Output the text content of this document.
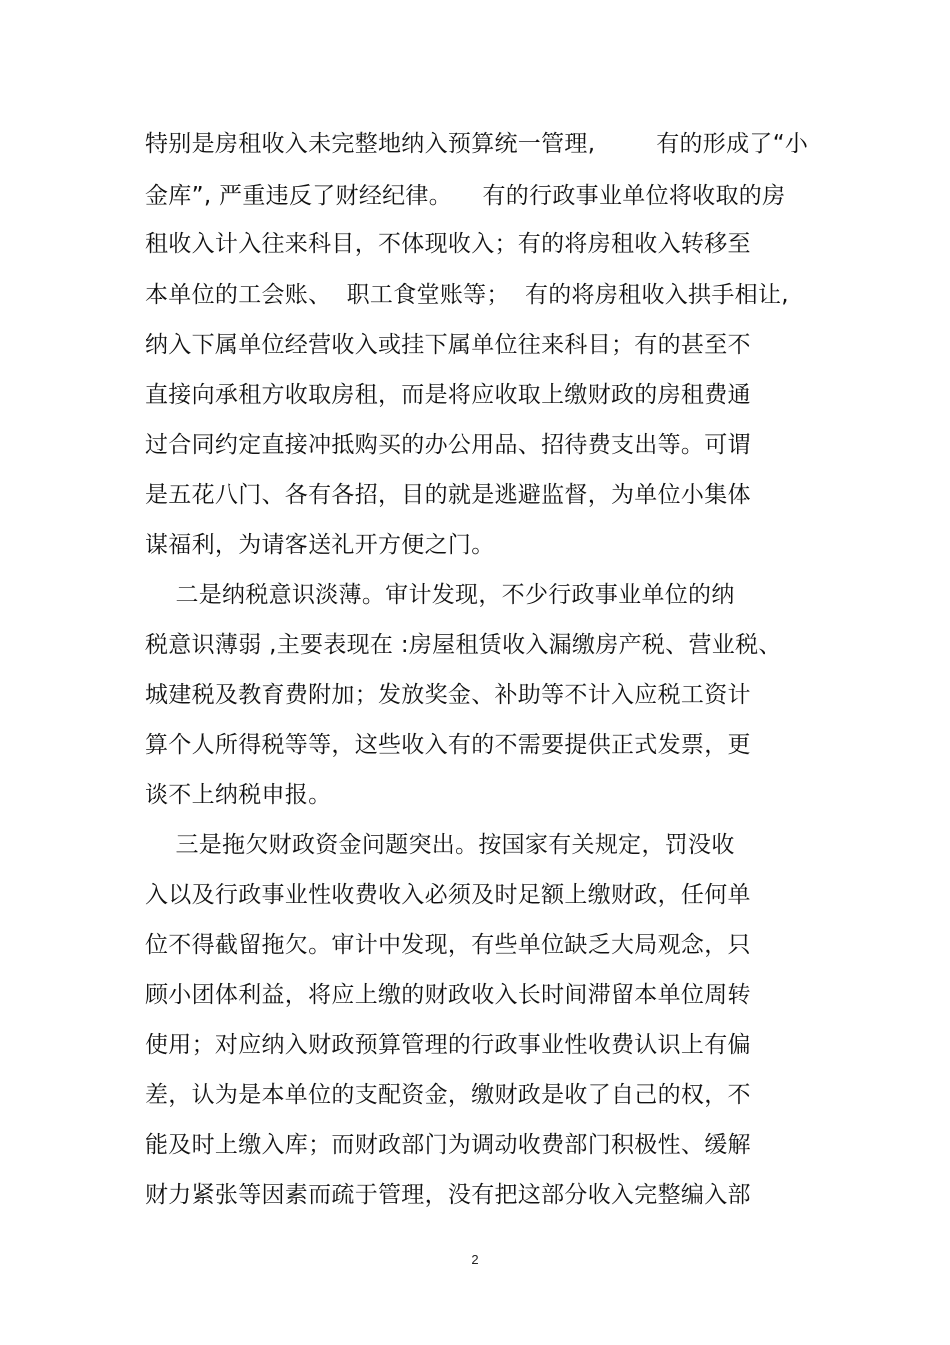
特别是房租收入未完整地纳入预算统一管理,        有的形成了“小
金库”, 严重违反了财经纪律。    有的行政事业单位将收取的房
租收入计入往来科目，不体现收入；有的将房租收入转移至
本单位的工会账、  职工食堂账等；  有的将房租收入拱手相让,
纳入下属单位经营收入或挂下属单位往来科目；有的甚至不
直接向承租方收取房租，而是将应收取上缴财政的房租费通
过合同约定直接冲抵购买的办公用品、招待费支出等。可谓
是五花八门、各有各招，目的就是逃避监督，为单位小集体
谋福利，为请客送礼开方便之门。
二是纳税意识淡薄。审计发现，不少行政事业单位的纳
税意识薄弱 ,主要表现在 :房屋租赁收入漏缴房产税、营业税、
城建税及教育费附加；发放奖金、补助等不计入应税工资计
算个人所得税等等，这些收入有的不需要提供正式发票，更
谈不上纳税申报。
三是拖欠财政资金问题突出。按国家有关规定，罚没收
入以及行政事业性收费收入必须及时足额上缴财政，任何单
位不得截留拖欠。审计中发现，有些单位缺乏大局观念，只
顾小团体利益，将应上缴的财政收入长时间滞留本单位周转
使用；对应纳入财政预算管理的行政事业性收费认识上有偏
差，认为是本单位的支配资金，缴财政是收了自己的权，不
能及时上缴入库；而财政部门为调动收费部门积极性、缓解
财力紧张等因素而疏于管理，没有把这部分收入完整编入部
2
